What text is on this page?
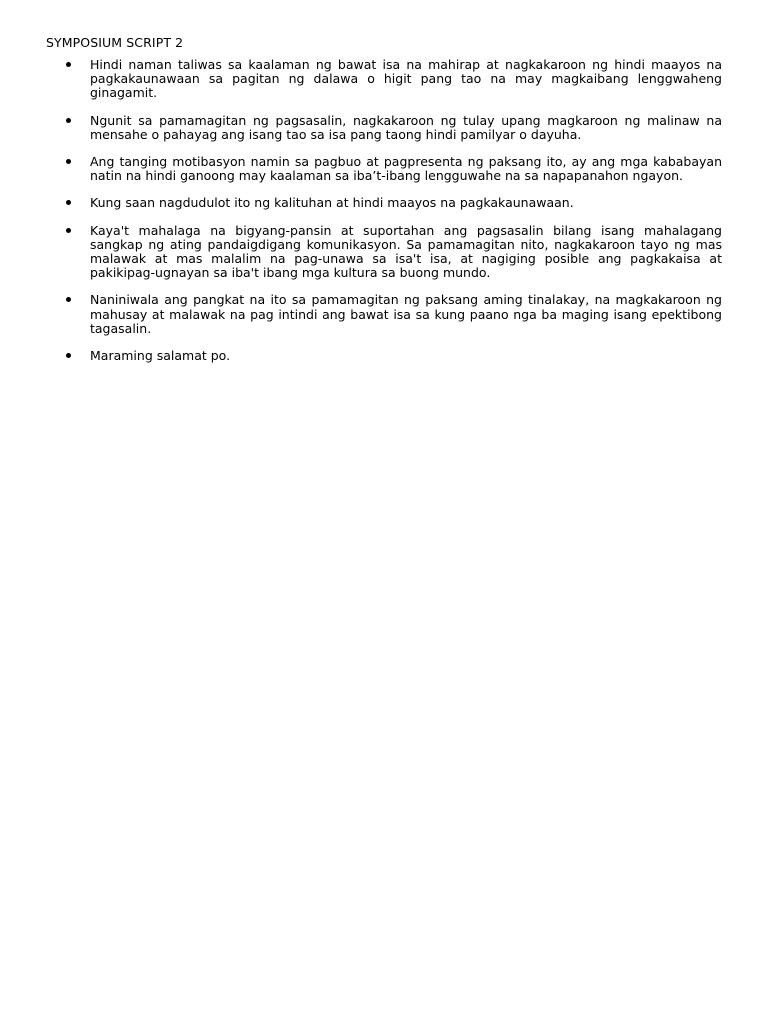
SYMPOSIUM SCRIPT 2
Hindi naman taliwas sa kaalaman ng bawat isa na mahirap at nagkakaroon ng hindi maayos na pagkakaunawaan sa pagitan ng dalawa o higit pang tao na may magkaibang lenggwaheng ginagamit.
Ngunit sa pamamagitan ng pagsasalin, nagkakaroon ng tulay upang magkaroon ng malinaw na mensahe o pahayag ang isang tao sa isa pang taong hindi pamilyar o dayuha.
Ang tanging motibasyon namin sa pagbuo at pagpresenta ng paksang ito, ay ang mga kababayan natin na hindi ganoong may kaalaman sa iba’t-ibang lengguwahe na sa napapanahon ngayon.
Kung saan nagdudulot ito ng kalituhan at hindi maayos na pagkakaunawaan.
Kaya't mahalaga na bigyang-pansin at suportahan ang pagsasalin bilang isang mahalagang sangkap ng ating pandaigdigang komunikasyon. Sa pamamagitan nito, nagkakaroon tayo ng mas malawak at mas malalim na pag-unawa sa isa't isa, at nagiging posible ang pagkakaisa at pakikipag-ugnayan sa iba't ibang mga kultura sa buong mundo.
Naniniwala ang pangkat na ito sa pamamagitan ng paksang aming tinalakay, na magkakaroon ng mahusay at malawak na pag intindi ang bawat isa sa kung paano nga ba maging isang epektibong tagasalin.
Maraming salamat po.
